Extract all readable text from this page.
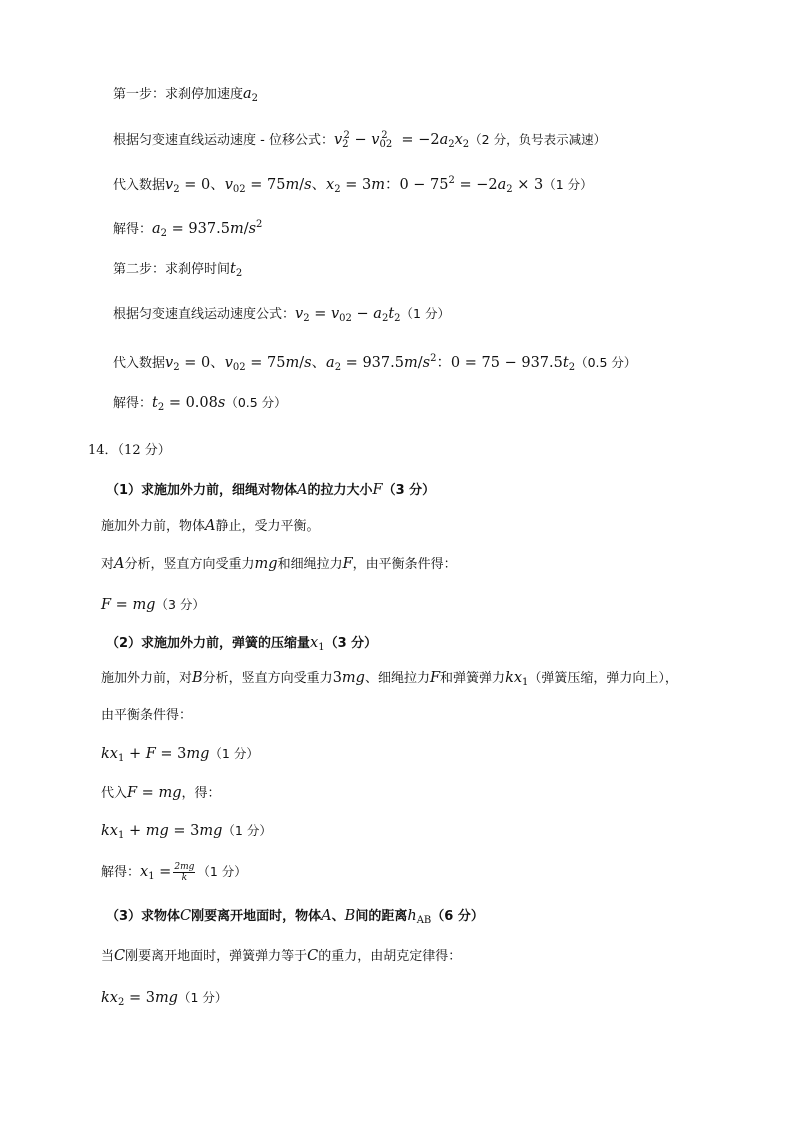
第一步：求刹停加速度$a_2$
根据匀变速直线运动速度 - 位移公式：$v_2^2 - v_{02}^2 = -2a_2x_2(2$ 分，负号表示减速）
代入数据$v_2 = 0$、$v_{02} = 75m/s$、$x_2 = 3m$：$0 - 75^2 = -2a_2 \times 3(1$ 分）
解得：$a_2 = 937.5m/s^2$
第二步：求刹停时间$t_2$
根据匀变速直线运动速度公式：$v_2 = v_{02} - a_2t_2(1$ 分）
代入数据$v_2 = 0$、$v_{02} = 75m/s$、$a_2 = 937.5m/s^2$：$0 = 75 - 937.5t_2(0.5$ 分）
解得：$t_2 = 0.08s(0.5$ 分）
14．（12 分）
（1）求施加外力前，细绳对物体A的拉力大小F（3 分）
施加外力前，物体A静止，受力平衡。
对A分析，竖直方向受重力mg和细绳拉力F，由平衡条件得：
F = mg（3 分）
（2）求施加外力前，弹簧的压缩量$x_1(3$ 分）
施加外力前，对B分析，竖直方向受重力3mg、细绳拉力F和弹簧弹力$kx_1$（弹簧压缩，弹力向上），
由平衡条件得：
$kx_1 + F = 3mg(1$ 分）
代入F = mg，得：
$kx_1$ + mg = 3mg（1 分）
解得：$x_1 = \frac{2mg}{k} (1$ 分）
（3）求物体C刚要离开地面时，物体A、B间的距离$h_{AB}(6$ 分）
当C刚要离开地面时，弹簧弹力等于C的重力，由胡克定律得：
$kx_2 = 3mg(1$ 分）
